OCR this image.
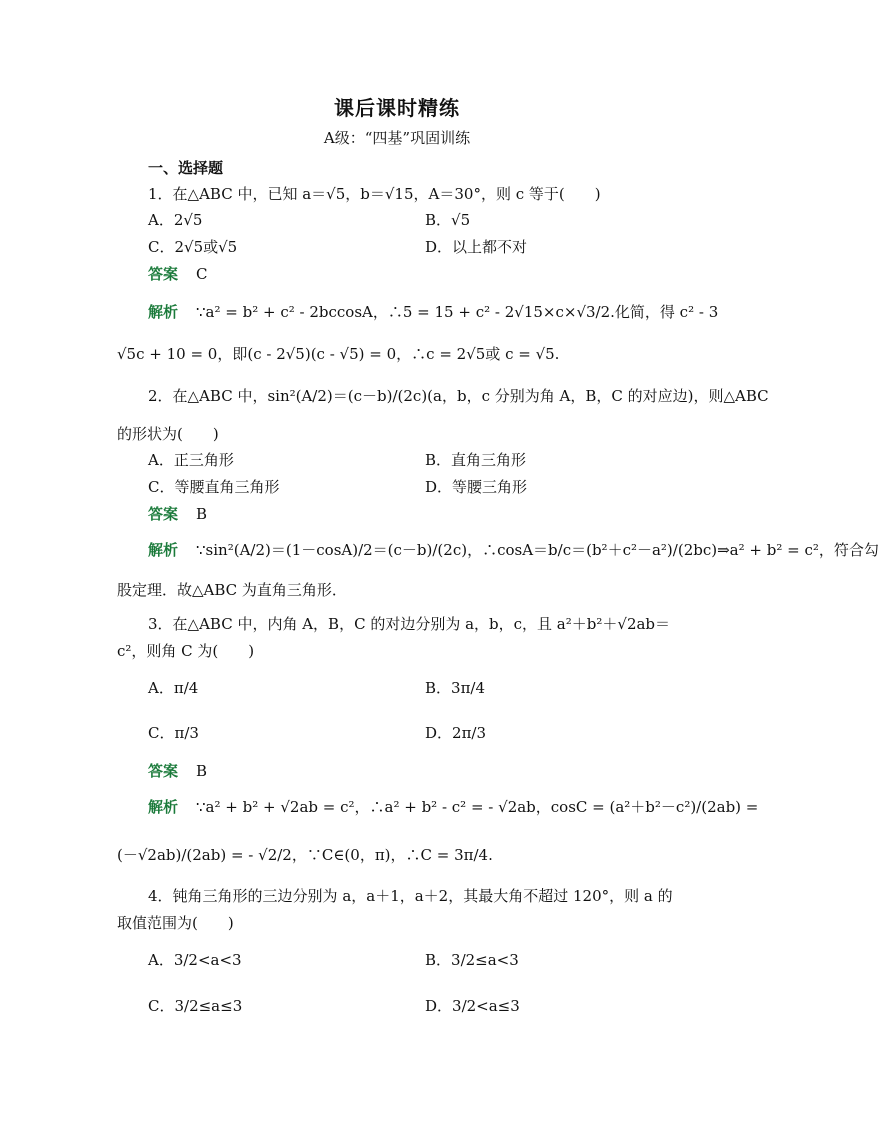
课后课时精练
A级：“四基”巩固训练
一、选择题
1．在△ABC 中，已知 a＝√5，b＝√15，A＝30°，则 c 等于(　　)
A．2√5	B．√5
C．2√5或√5	D．以上都不对
答案 C
解析 ∵a² = b² + c² - 2bccosA，∴5 = 15 + c² - 2√15×c×√3/2.化简，得 c² - 3
√5c + 10 = 0，即(c - 2√5)(c - √5) = 0，∴c = 2√5或 c = √5.
2．在△ABC 中，sin²(A/2)＝(c－b)/(2c)(a，b，c 分别为角 A，B，C 的对应边)，则△ABC
的形状为(　　)
A．正三角形	B．直角三角形
C．等腰直角三角形	D．等腰三角形
答案 B
解析 ∵sin²(A/2)＝(1－cosA)/2＝(c－b)/(2c)，∴cosA＝b/c＝(b²＋c²－a²)/(2bc)⇒a² + b² = c²，符合勾
股定理．故△ABC 为直角三角形．
3．在△ABC 中，内角 A，B，C 的对边分别为 a，b，c，且 a²＋b²＋√2ab＝
c²，则角 C 为(　　)
A．π/4	B．3π/4
C．π/3	D．2π/3
答案 B
解析 ∵a² + b² + √2ab = c²，∴a² + b² - c² = - √2ab，cosC = (a²＋b²－c²)/(2ab) =
(－√2ab)/(2ab) = - √2/2，∵C∈(0，π)，∴C = 3π/4.
4．钝角三角形的三边分别为 a，a＋1，a＋2，其最大角不超过 120°，则 a 的
取值范围为(　　)
A．3/2<a<3	B．3/2≤a<3
C．3/2≤a≤3	D．3/2<a≤3
